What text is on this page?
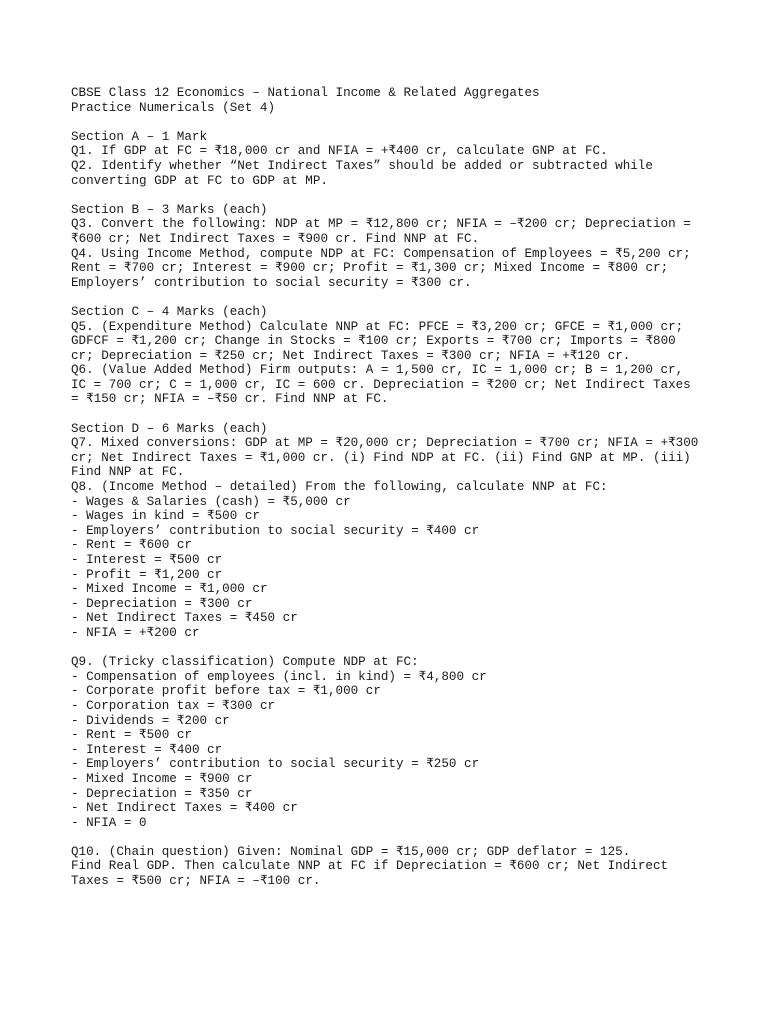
CBSE Class 12 Economics – National Income & Related Aggregates
Practice Numericals (Set 4)
Section A – 1 Mark
Q1. If GDP at FC = ₹18,000 cr and NFIA = +₹400 cr, calculate GNP at FC.
Q2. Identify whether “Net Indirect Taxes” should be added or subtracted while
converting GDP at FC to GDP at MP.
Section B – 3 Marks (each)
Q3. Convert the following: NDP at MP = ₹12,800 cr; NFIA = –₹200 cr; Depreciation =
₹600 cr; Net Indirect Taxes = ₹900 cr. Find NNP at FC.
Q4. Using Income Method, compute NDP at FC: Compensation of Employees = ₹5,200 cr;
Rent = ₹700 cr; Interest = ₹900 cr; Profit = ₹1,300 cr; Mixed Income = ₹800 cr;
Employers’ contribution to social security = ₹300 cr.
Section C – 4 Marks (each)
Q5. (Expenditure Method) Calculate NNP at FC: PFCE = ₹3,200 cr; GFCE = ₹1,000 cr;
GDFCF = ₹1,200 cr; Change in Stocks = ₹100 cr; Exports = ₹700 cr; Imports = ₹800
cr; Depreciation = ₹250 cr; Net Indirect Taxes = ₹300 cr; NFIA = +₹120 cr.
Q6. (Value Added Method) Firm outputs: A = 1,500 cr, IC = 1,000 cr; B = 1,200 cr,
IC = 700 cr; C = 1,000 cr, IC = 600 cr. Depreciation = ₹200 cr; Net Indirect Taxes
= ₹150 cr; NFIA = –₹50 cr. Find NNP at FC.
Section D – 6 Marks (each)
Q7. Mixed conversions: GDP at MP = ₹20,000 cr; Depreciation = ₹700 cr; NFIA = +₹300
cr; Net Indirect Taxes = ₹1,000 cr. (i) Find NDP at FC. (ii) Find GNP at MP. (iii)
Find NNP at FC.
Q8. (Income Method – detailed) From the following, calculate NNP at FC:
- Wages & Salaries (cash) = ₹5,000 cr
- Wages in kind = ₹500 cr
- Employers’ contribution to social security = ₹400 cr
- Rent = ₹600 cr
- Interest = ₹500 cr
- Profit = ₹1,200 cr
- Mixed Income = ₹1,000 cr
- Depreciation = ₹300 cr
- Net Indirect Taxes = ₹450 cr
- NFIA = +₹200 cr
Q9. (Tricky classification) Compute NDP at FC:
- Compensation of employees (incl. in kind) = ₹4,800 cr
- Corporate profit before tax = ₹1,000 cr
- Corporation tax = ₹300 cr
- Dividends = ₹200 cr
- Rent = ₹500 cr
- Interest = ₹400 cr
- Employers’ contribution to social security = ₹250 cr
- Mixed Income = ₹900 cr
- Depreciation = ₹350 cr
- Net Indirect Taxes = ₹400 cr
- NFIA = 0
Q10. (Chain question) Given: Nominal GDP = ₹15,000 cr; GDP deflator = 125.
Find Real GDP. Then calculate NNP at FC if Depreciation = ₹600 cr; Net Indirect
Taxes = ₹500 cr; NFIA = –₹100 cr.
